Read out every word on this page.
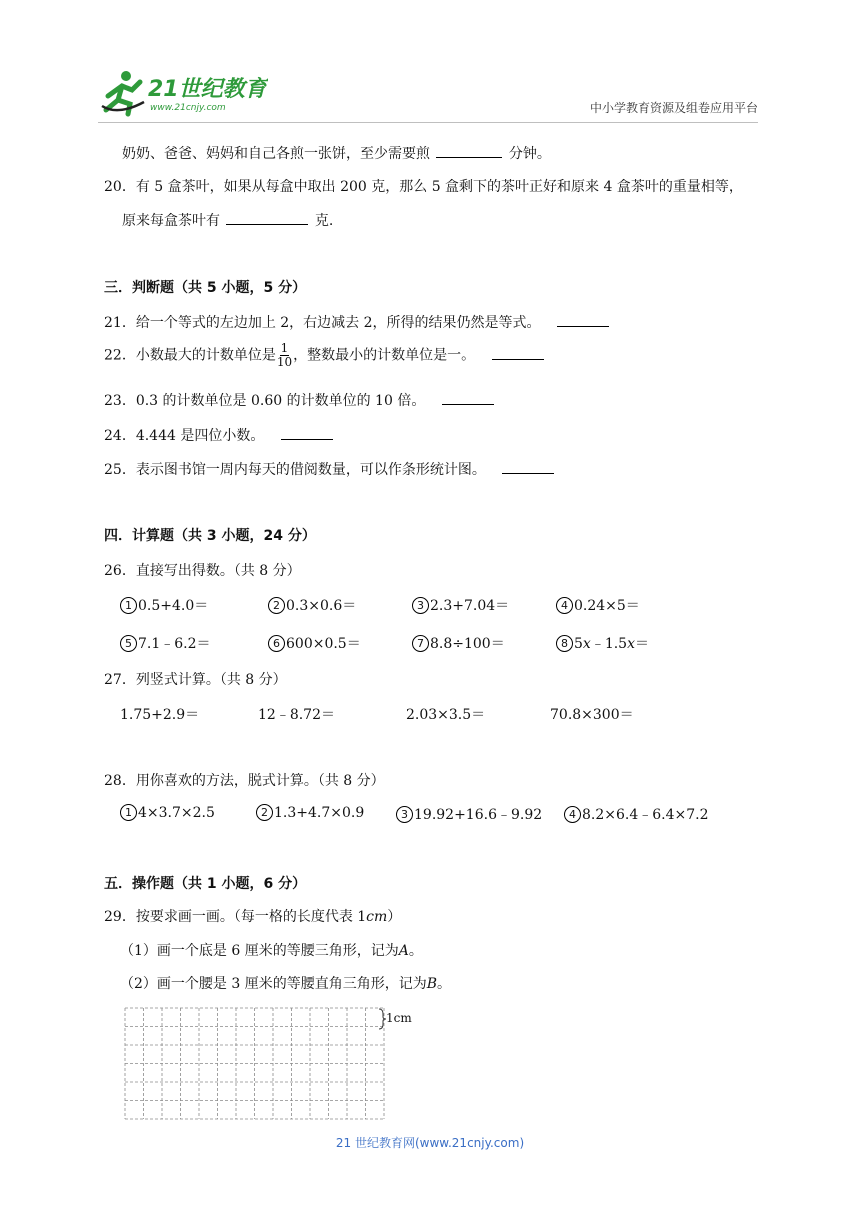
21世纪教育
www.21cnjy.com	中小学教育资源及组卷应用平台
奶奶、爸爸、妈妈和自己各煎一张饼，至少需要煎	分钟。
20．有 5 盒茶叶，如果从每盒中取出 200 克，那么 5 盒剩下的茶叶正好和原来 4 盒茶叶的重量相等，
原来每盒茶叶有	克.
三．判断题（共 5 小题，5 分）
21．给一个等式的左边加上 2，右边减去 2，所得的结果仍然是等式。
22．小数最大的计数单位是 $\frac{1}{10}$ ，整数最小的计数单位是一。
23．0.3 的计数单位是 0.60 的计数单位的 10 倍。
24．4.444 是四位小数。
25．表示图书馆一周内每天的借阅数量，可以作条形统计图。
四．计算题（共 3 小题，24 分）
26．直接写出得数。（共 8 分）
1 0.5+4.0＝	2 0.3×0.6＝	3 2.3+7.04＝	4 0.24×5＝
5 7.1﹣6.2＝	6 600×0.5＝	7 8.8÷100＝	8 5x﹣1.5x＝
27．列竖式计算。（共 8 分）
1.75+2.9＝	12﹣8.72＝	2.03×3.5＝	70.8×300＝
28．用你喜欢的方法，脱式计算。（共 8 分）
1 4×3.7×2.5	2 1.3+4.7×0.9	3 19.92+16.6﹣9.92	4 8.2×6.4﹣6.4×7.2
五．操作题（共 1 小题，6 分）
29．按要求画一画。（每一格的长度代表 1cm）
（1）画一个底是 6 厘米的等腰三角形，记为A。
（2）画一个腰是 3 厘米的等腰直角三角形，记为B。
1cm
21 世纪教育网(www.21cnjy.com)
